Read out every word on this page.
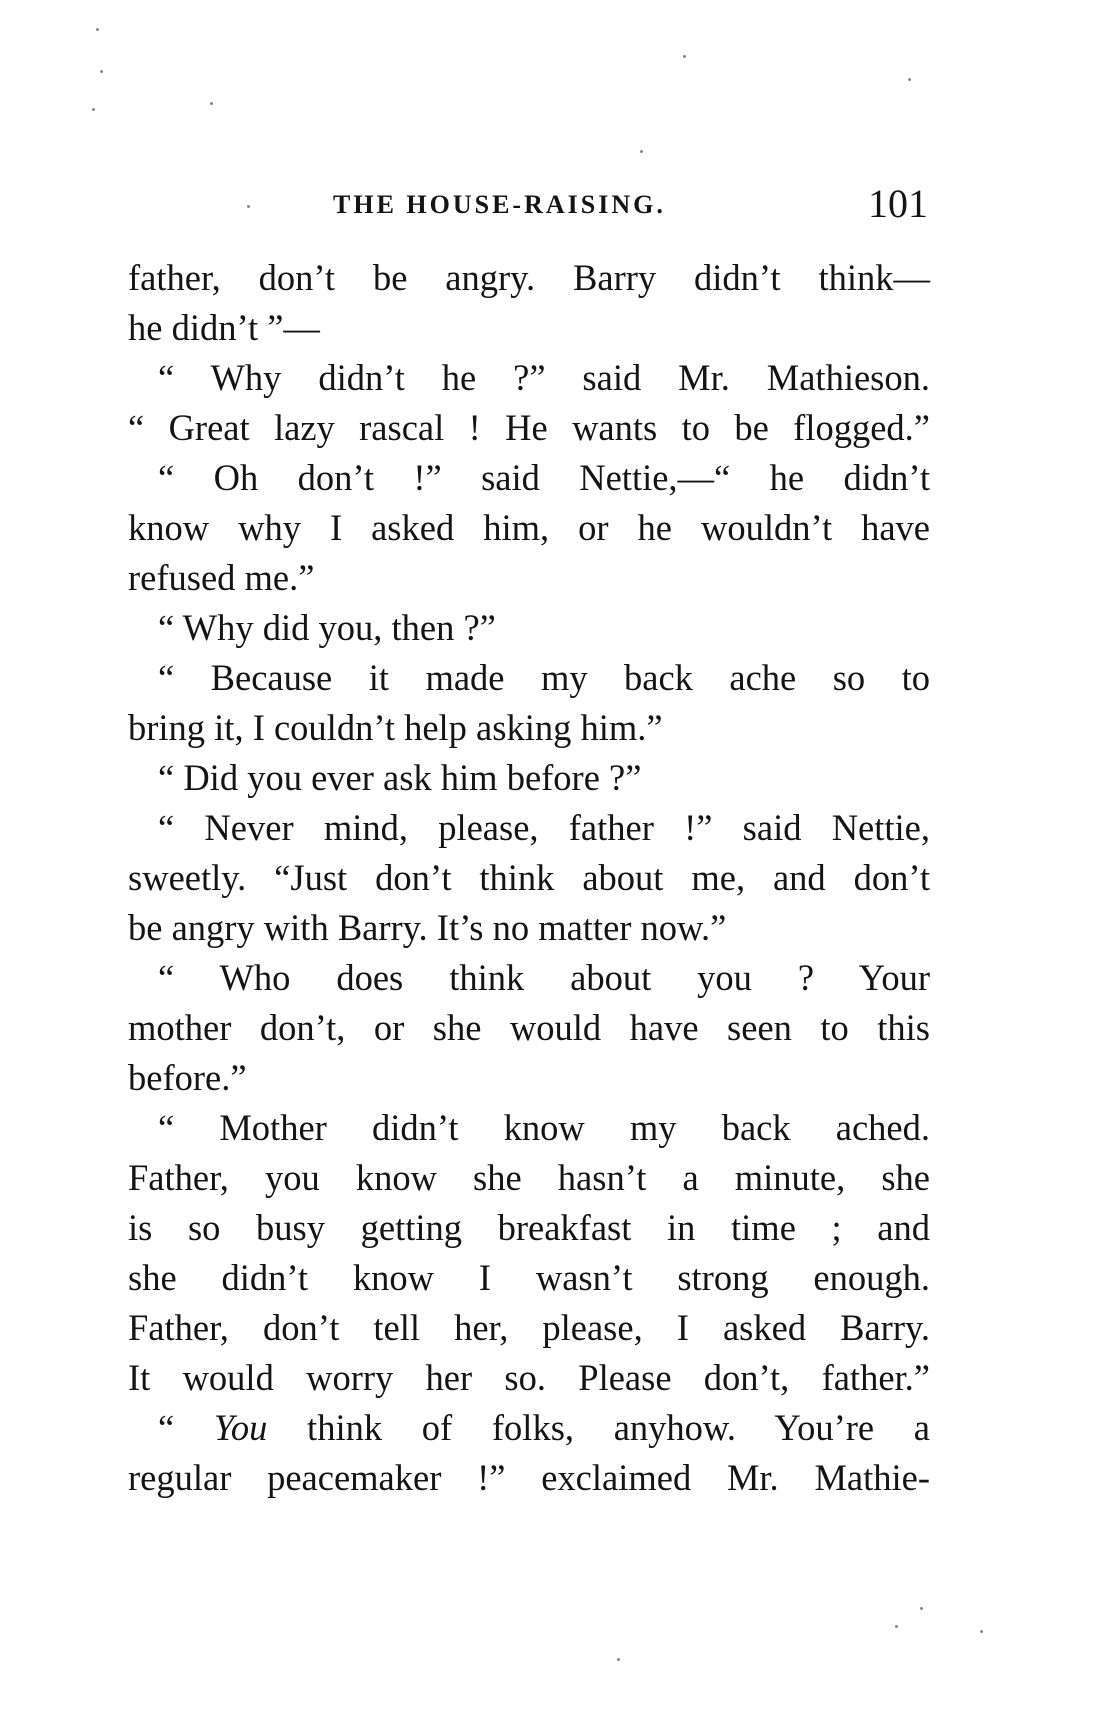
THE HOUSE-RAISING.	101
father, don’t be angry. Barry didn’t think—
he didn’t ”—
“ Why didn’t he ?” said Mr. Mathieson.
“ Great lazy rascal ! He wants to be flogged.”
“ Oh don’t !” said Nettie,—“ he didn’t
know why I asked him, or he wouldn’t have
refused me.”
“ Why did you, then ?”
“ Because it made my back ache so to
bring it, I couldn’t help asking him.”
“ Did you ever ask him before ?”
“ Never mind, please, father !” said Nettie,
sweetly. “Just don’t think about me, and don’t
be angry with Barry. It’s no matter now.”
“ Who does think about you ? Your
mother don’t, or she would have seen to this
before.”
“ Mother didn’t know my back ached.
Father, you know she hasn’t a minute, she
is so busy getting breakfast in time ; and
she didn’t know I wasn’t strong enough.
Father, don’t tell her, please, I asked Barry.
It would worry her so. Please don’t, father.”
“ You think of folks, anyhow. You’re a
regular peacemaker !” exclaimed Mr. Mathie-
